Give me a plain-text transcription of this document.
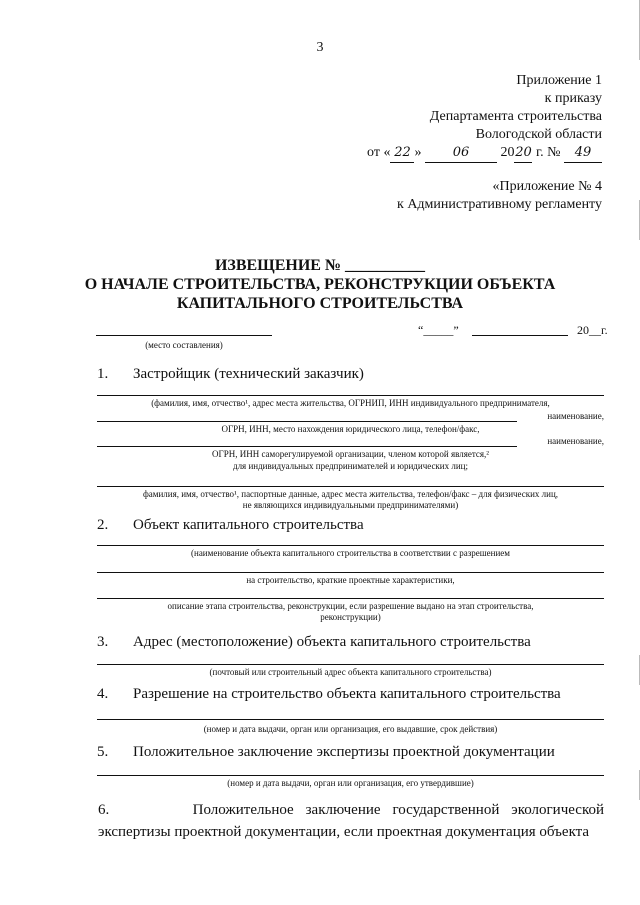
3
Приложение 1
к приказу
Департамента строительства
Вологодской области
от « 22 » 06 2020 г. № 49
«Приложение № 4
к Административному регламенту
ИЗВЕЩЕНИЕ № __________
О НАЧАЛЕ СТРОИТЕЛЬСТВА, РЕКОНСТРУКЦИИ ОБЪЕКТА
КАПИТАЛЬНОГО СТРОИТЕЛЬСТВА
(место составления)
“_____”	20__г.
1. Застройщик (технический заказчик)
(фамилия, имя, отчество¹, адрес места жительства, ОГРНИП, ИНН индивидуального предпринимателя,
наименование,
ОГРН, ИНН, место нахождения юридического лица, телефон/факс,
наименование,
ОГРН, ИНН саморегулируемой организации, членом которой является,²
для индивидуальных предпринимателей и юридических лиц;
фамилия, имя, отчество¹, паспортные данные, адрес места жительства, телефон/факс – для физических лиц,
не являющихся индивидуальными предпринимателями)
2. Объект капитального строительства
(наименование объекта капитального строительства в соответствии с разрешением
на строительство, краткие проектные характеристики,
описание этапа строительства, реконструкции, если разрешение выдано на этап строительства,
реконструкции)
3. Адрес (местоположение) объекта капитального строительства
(почтовый или строительный адрес объекта капитального строительства)
4. Разрешение на строительство объекта капитального строительства
(номер и дата выдачи, орган или организация, его выдавшие, срок действия)
5. Положительное заключение экспертизы проектной документации
(номер и дата выдачи, орган или организация, его утвердившие)
6.	Положительное заключение государственной экологической
экспертизы проектной документации, если проектная документация объекта
